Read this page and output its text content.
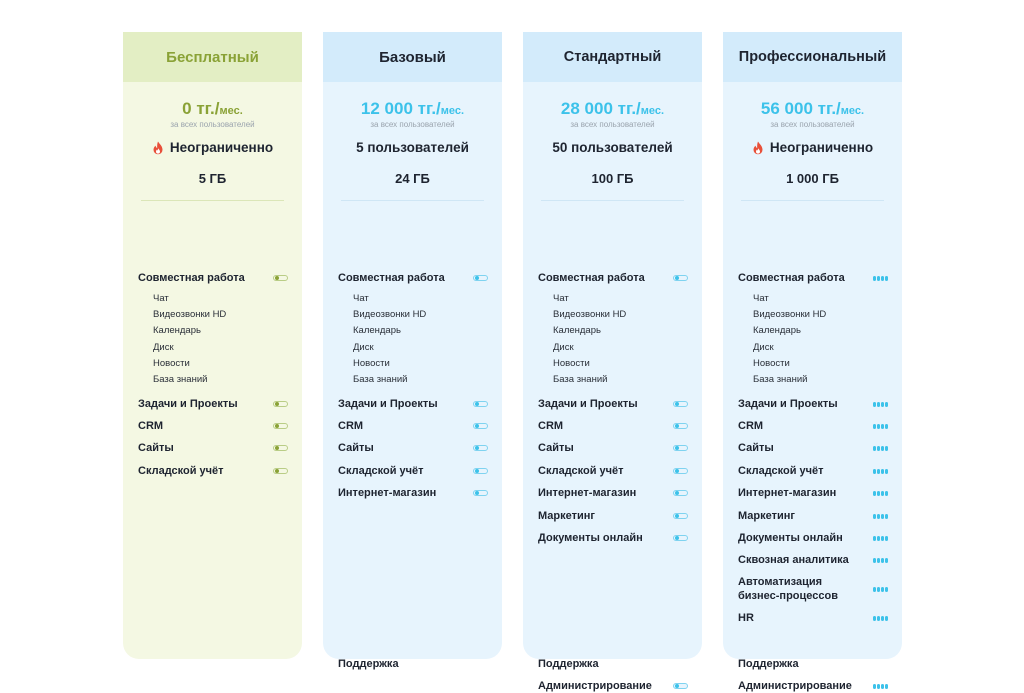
Бесплатный
0 тг./мес.
за всех пользователей
Неограниченно
5 ГБ
Совместная работа
Чат
Видеозвонки HD
Календарь
Диск
Новости
База знаний
Задачи и Проекты
CRM
Сайты
Складской учёт
Базовый
12 000 тг./мес.
за всех пользователей
5 пользователей
24 ГБ
Совместная работа
Чат
Видеозвонки HD
Календарь
Диск
Новости
База знаний
Задачи и Проекты
CRM
Сайты
Складской учёт
Интернет-магазин
Поддержка
Стандартный
28 000 тг./мес.
за всех пользователей
50 пользователей
100 ГБ
Совместная работа
Чат
Видеозвонки HD
Календарь
Диск
Новости
База знаний
Задачи и Проекты
CRM
Сайты
Складской учёт
Интернет-магазин
Маркетинг
Документы онлайн
Поддержка
Администрирование
Профессиональный
56 000 тг./мес.
за всех пользователей
Неограниченно
1 000 ГБ
Совместная работа
Чат
Видеозвонки HD
Календарь
Диск
Новости
База знаний
Задачи и Проекты
CRM
Сайты
Складской учёт
Интернет-магазин
Маркетинг
Документы онлайн
Сквозная аналитика
Автоматизация
бизнес-процессов
HR
Поддержка
Администрирование
